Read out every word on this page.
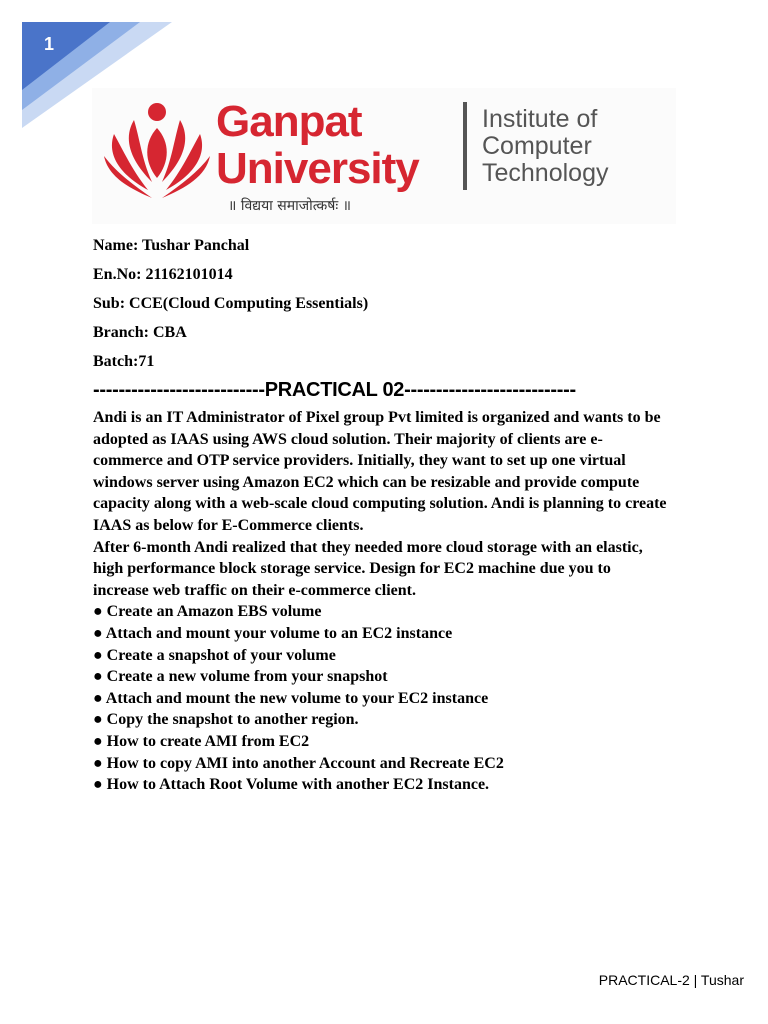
1
Ganpat
University
॥ विद्यया समाजोत्कर्षः ॥
Institute of
Computer
Technology
Name: Tushar Panchal
En.No: 21162101014
Sub: CCE(Cloud Computing Essentials)
Branch: CBA
Batch:71
---------------------------PRACTICAL 02---------------------------

Andi is an IT Administrator of Pixel group Pvt limited is organized and wants to be adopted as IAAS using AWS cloud solution. Their majority of clients are e-commerce and OTP service providers. Initially, they want to set up one virtual windows server using Amazon EC2 which can be resizable and provide compute capacity along with a web-scale cloud computing solution. Andi is planning to create IAAS as below for E-Commerce clients.

After 6-month Andi realized that they needed more cloud storage with an elastic, high performance block storage service. Design for EC2 machine due you to increase web traffic on their e-commerce client.

● Create an Amazon EBS volume
● Attach and mount your volume to an EC2 instance
● Create a snapshot of your volume
● Create a new volume from your snapshot
● Attach and mount the new volume to your EC2 instance
● Copy the snapshot to another region.
● How to create AMI from EC2
● How to copy AMI into another Account and Recreate EC2
● How to Attach Root Volume with another EC2 Instance.
PRACTICAL-2 | Tushar
